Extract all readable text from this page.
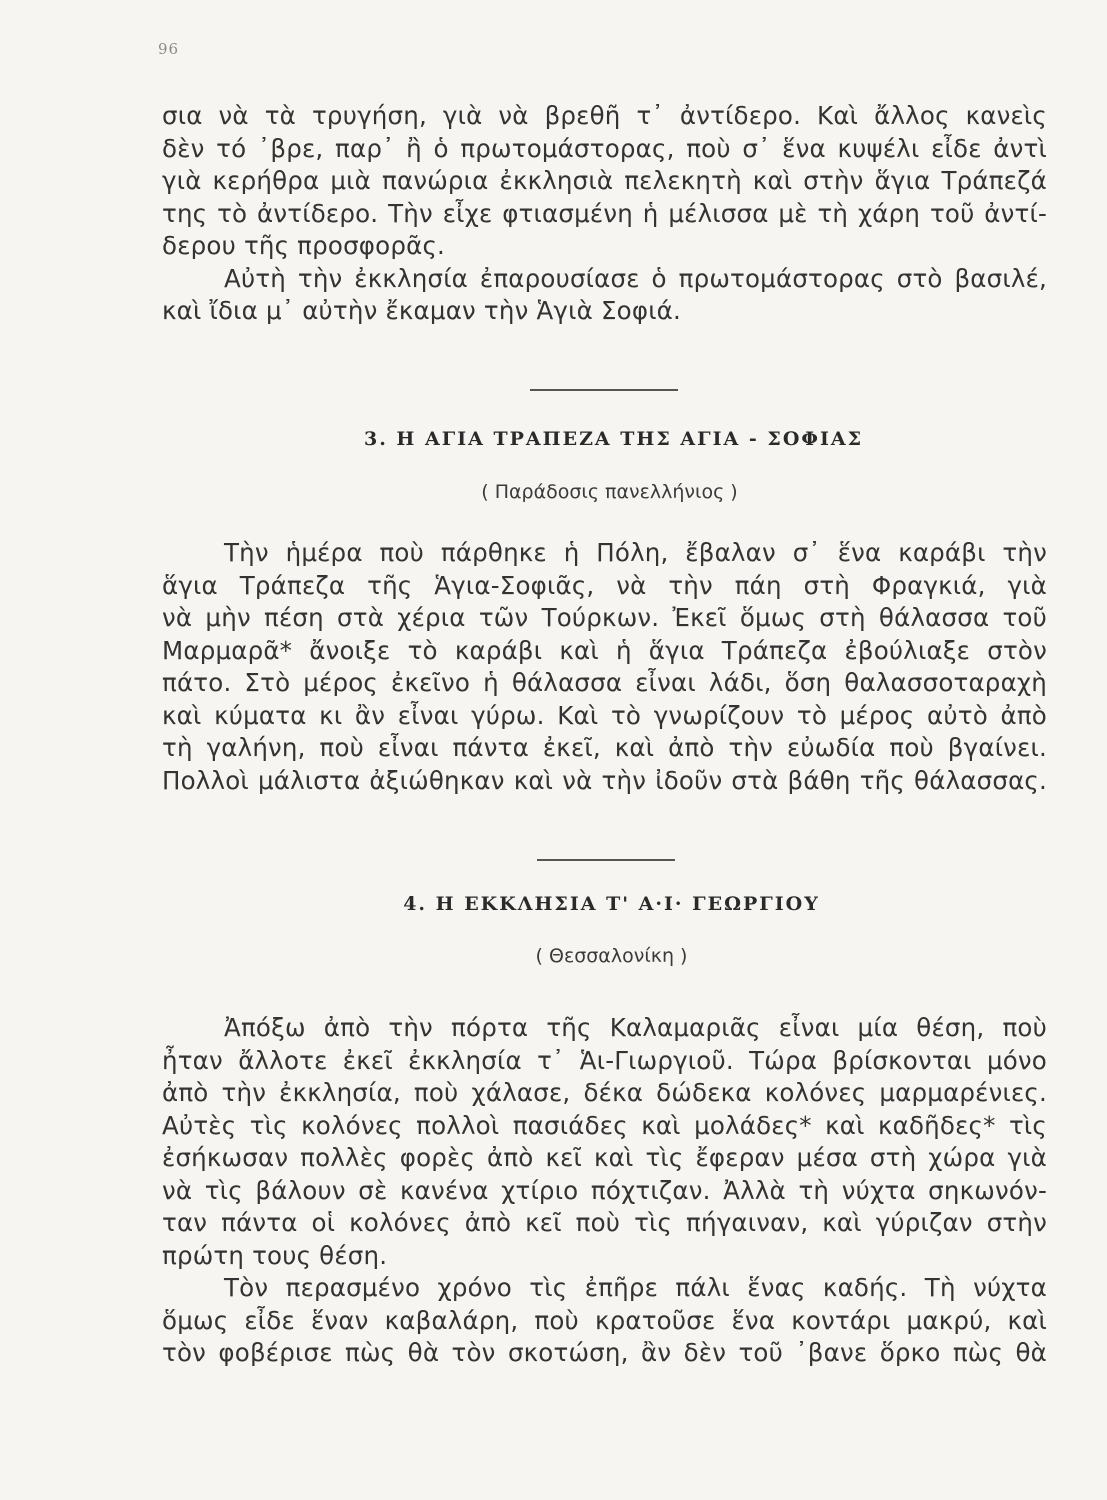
96
σια νὰ τὰ τρυγήση, γιὰ νὰ βρεθῆ τ᾽ ἀντίδερο. Καὶ ἄλλος κανεὶς
δὲν τό ᾽βρε, παρ᾽ ἢ ὁ πρωτομάστορας, ποὺ σ᾽ ἕνα κυψέλι εἶδε ἀντὶ
γιὰ κερήθρα μιὰ πανώρια ἐκκλησιὰ πελεκητὴ καὶ στὴν ἅγια Τράπεζά
της τὸ ἀντίδερο. Τὴν εἶχε φτιασμένη ἡ μέλισσα μὲ τὴ χάρη τοῦ ἀντί-
δερου τῆς προσφορᾶς.
Αὐτὴ τὴν ἐκκλησία ἐπαρουσίασε ὁ πρωτομάστορας στὸ βασιλέ,
καὶ ἴδια μ᾽ αὐτὴν ἔκαμαν τὴν Ἁγιὰ Σοφιά.
3. Η ΑΓΙΑ ΤΡΑΠΕΖΑ ΤΗΣ ΑΓΙΑ - ΣΟΦΙΑΣ
( Παράδοσις πανελλήνιος )
Τὴν ἡμέρα ποὺ πάρθηκε ἡ Πόλη, ἔβαλαν σ᾽ ἕνα καράβι τὴν
ἅγια Τράπεζα τῆς Ἁγια-Σοφιᾶς, νὰ τὴν πάη στὴ Φραγκιά, γιὰ
νὰ μὴν πέση στὰ χέρια τῶν Τούρκων. Ἐκεῖ ὅμως στὴ θάλασσα τοῦ
Μαρμαρᾶ* ἄνοιξε τὸ καράβι καὶ ἡ ἅγια Τράπεζα ἐβούλιαξε στὸν
πάτο. Στὸ μέρος ἐκεῖνο ἡ θάλασσα εἶναι λάδι, ὅση θαλασσοταραχὴ
καὶ κύματα κι ἂν εἶναι γύρω. Καὶ τὸ γνωρίζουν τὸ μέρος αὐτὸ ἀπὸ
τὴ γαλήνη, ποὺ εἶναι πάντα ἐκεῖ, καὶ ἀπὸ τὴν εὐωδία ποὺ βγαίνει.
Πολλοὶ μάλιστα ἀξιώθηκαν καὶ νὰ τὴν ἰδοῦν στὰ βάθη τῆς θάλασσας.
4. Η ΕΚΚΛΗΣΙΑ Τ' Α·Ι· ΓΕΩΡΓΙΟΥ
( Θεσσαλονίκη )
Ἀπόξω ἀπὸ τὴν πόρτα τῆς Καλαμαριᾶς εἶναι μία θέση, ποὺ
ἦταν ἄλλοτε ἐκεῖ ἐκκλησία τ᾽ Ἁι-Γιωργιοῦ. Τώρα βρίσκονται μόνο
ἀπὸ τὴν ἐκκλησία, ποὺ χάλασε, δέκα δώδεκα κολόνες μαρμαρένιες.
Αὐτὲς τὶς κολόνες πολλοὶ πασιάδες καὶ μολάδες* καὶ καδῆδες* τὶς
ἐσήκωσαν πολλὲς φορὲς ἀπὸ κεῖ καὶ τὶς ἔφεραν μέσα στὴ χώρα γιὰ
νὰ τὶς βάλουν σὲ κανένα χτίριο πόχτιζαν. Ἀλλὰ τὴ νύχτα σηκωνόν-
ταν πάντα οἱ κολόνες ἀπὸ κεῖ ποὺ τὶς πήγαιναν, καὶ γύριζαν στὴν
πρώτη τους θέση.
Τὸν περασμένο χρόνο τὶς ἐπῆρε πάλι ἕνας καδής. Τὴ νύχτα
ὅμως εἶδε ἕναν καβαλάρη, ποὺ κρατοῦσε ἕνα κοντάρι μακρύ, καὶ
τὸν φοβέρισε πὼς θὰ τὸν σκοτώση, ἂν δὲν τοῦ ᾽βανε ὅρκο πὼς θὰ
